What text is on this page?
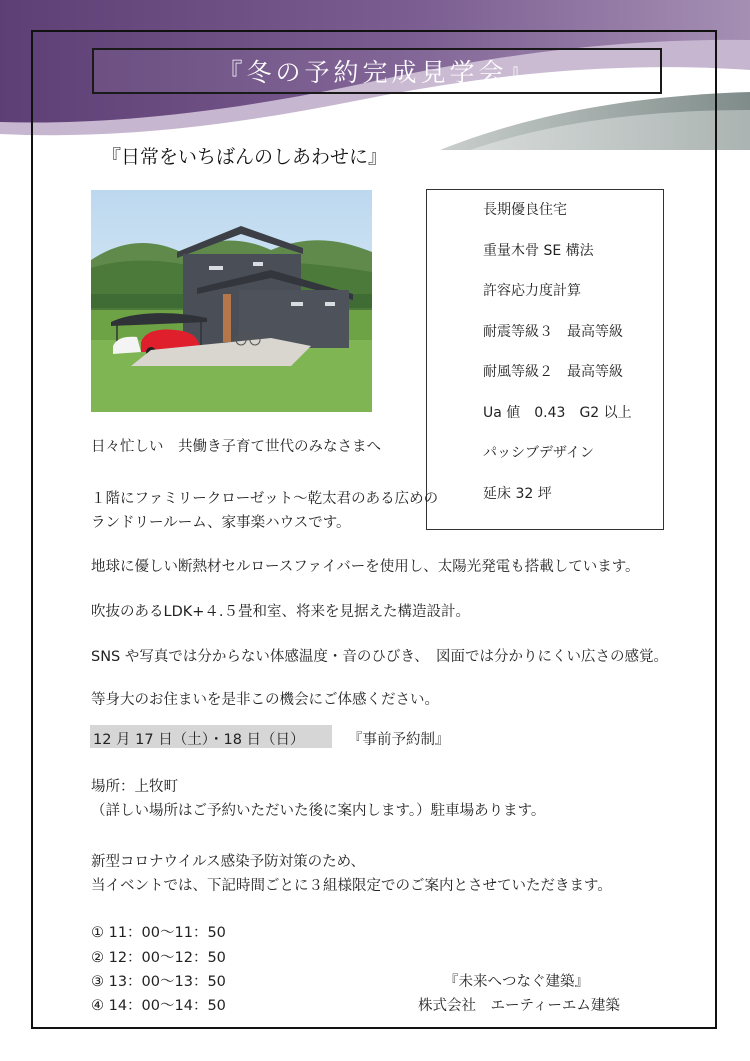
『冬の予約完成見学会』
『日常をいちばんのしあわせに』
長期優良住宅
重量木骨 SE 構法
許容応力度計算
耐震等級３　最高等級
耐風等級２　最高等級
Ua 値　0.43　G2 以上
パッシブデザイン
延床 32 坪
日々忙しい　共働き子育て世代のみなさまへ
１階にファミリークローゼット～乾太君のある広めの
ランドリールーム、家事楽ハウスです。
地球に優しい断熱材セルロースファイバーを使用し、太陽光発電も搭載しています。
吹抜のあるLDK+４.５畳和室、将来を見据えた構造設計。
SNS や写真では分からない体感温度・音のひびき、　図面では分かりにくい広さの感覚。
等身大のお住まいを是非この機会にご体感ください。
12 月 17 日（土）・18 日（日）	『事前予約制』
場所：上牧町
（詳しい場所はご予約いただいた後に案内します。）駐車場あります。
新型コロナウイルス感染予防対策のため、
当イベントでは、下記時間ごとに３組様限定でのご案内とさせていただきます。
① 11：00～11：50
② 12：00～12：50
③ 13：00～13：50
④ 14：00～14：50
『未来へつなぐ建築』
株式会社　エーティーエム建築
